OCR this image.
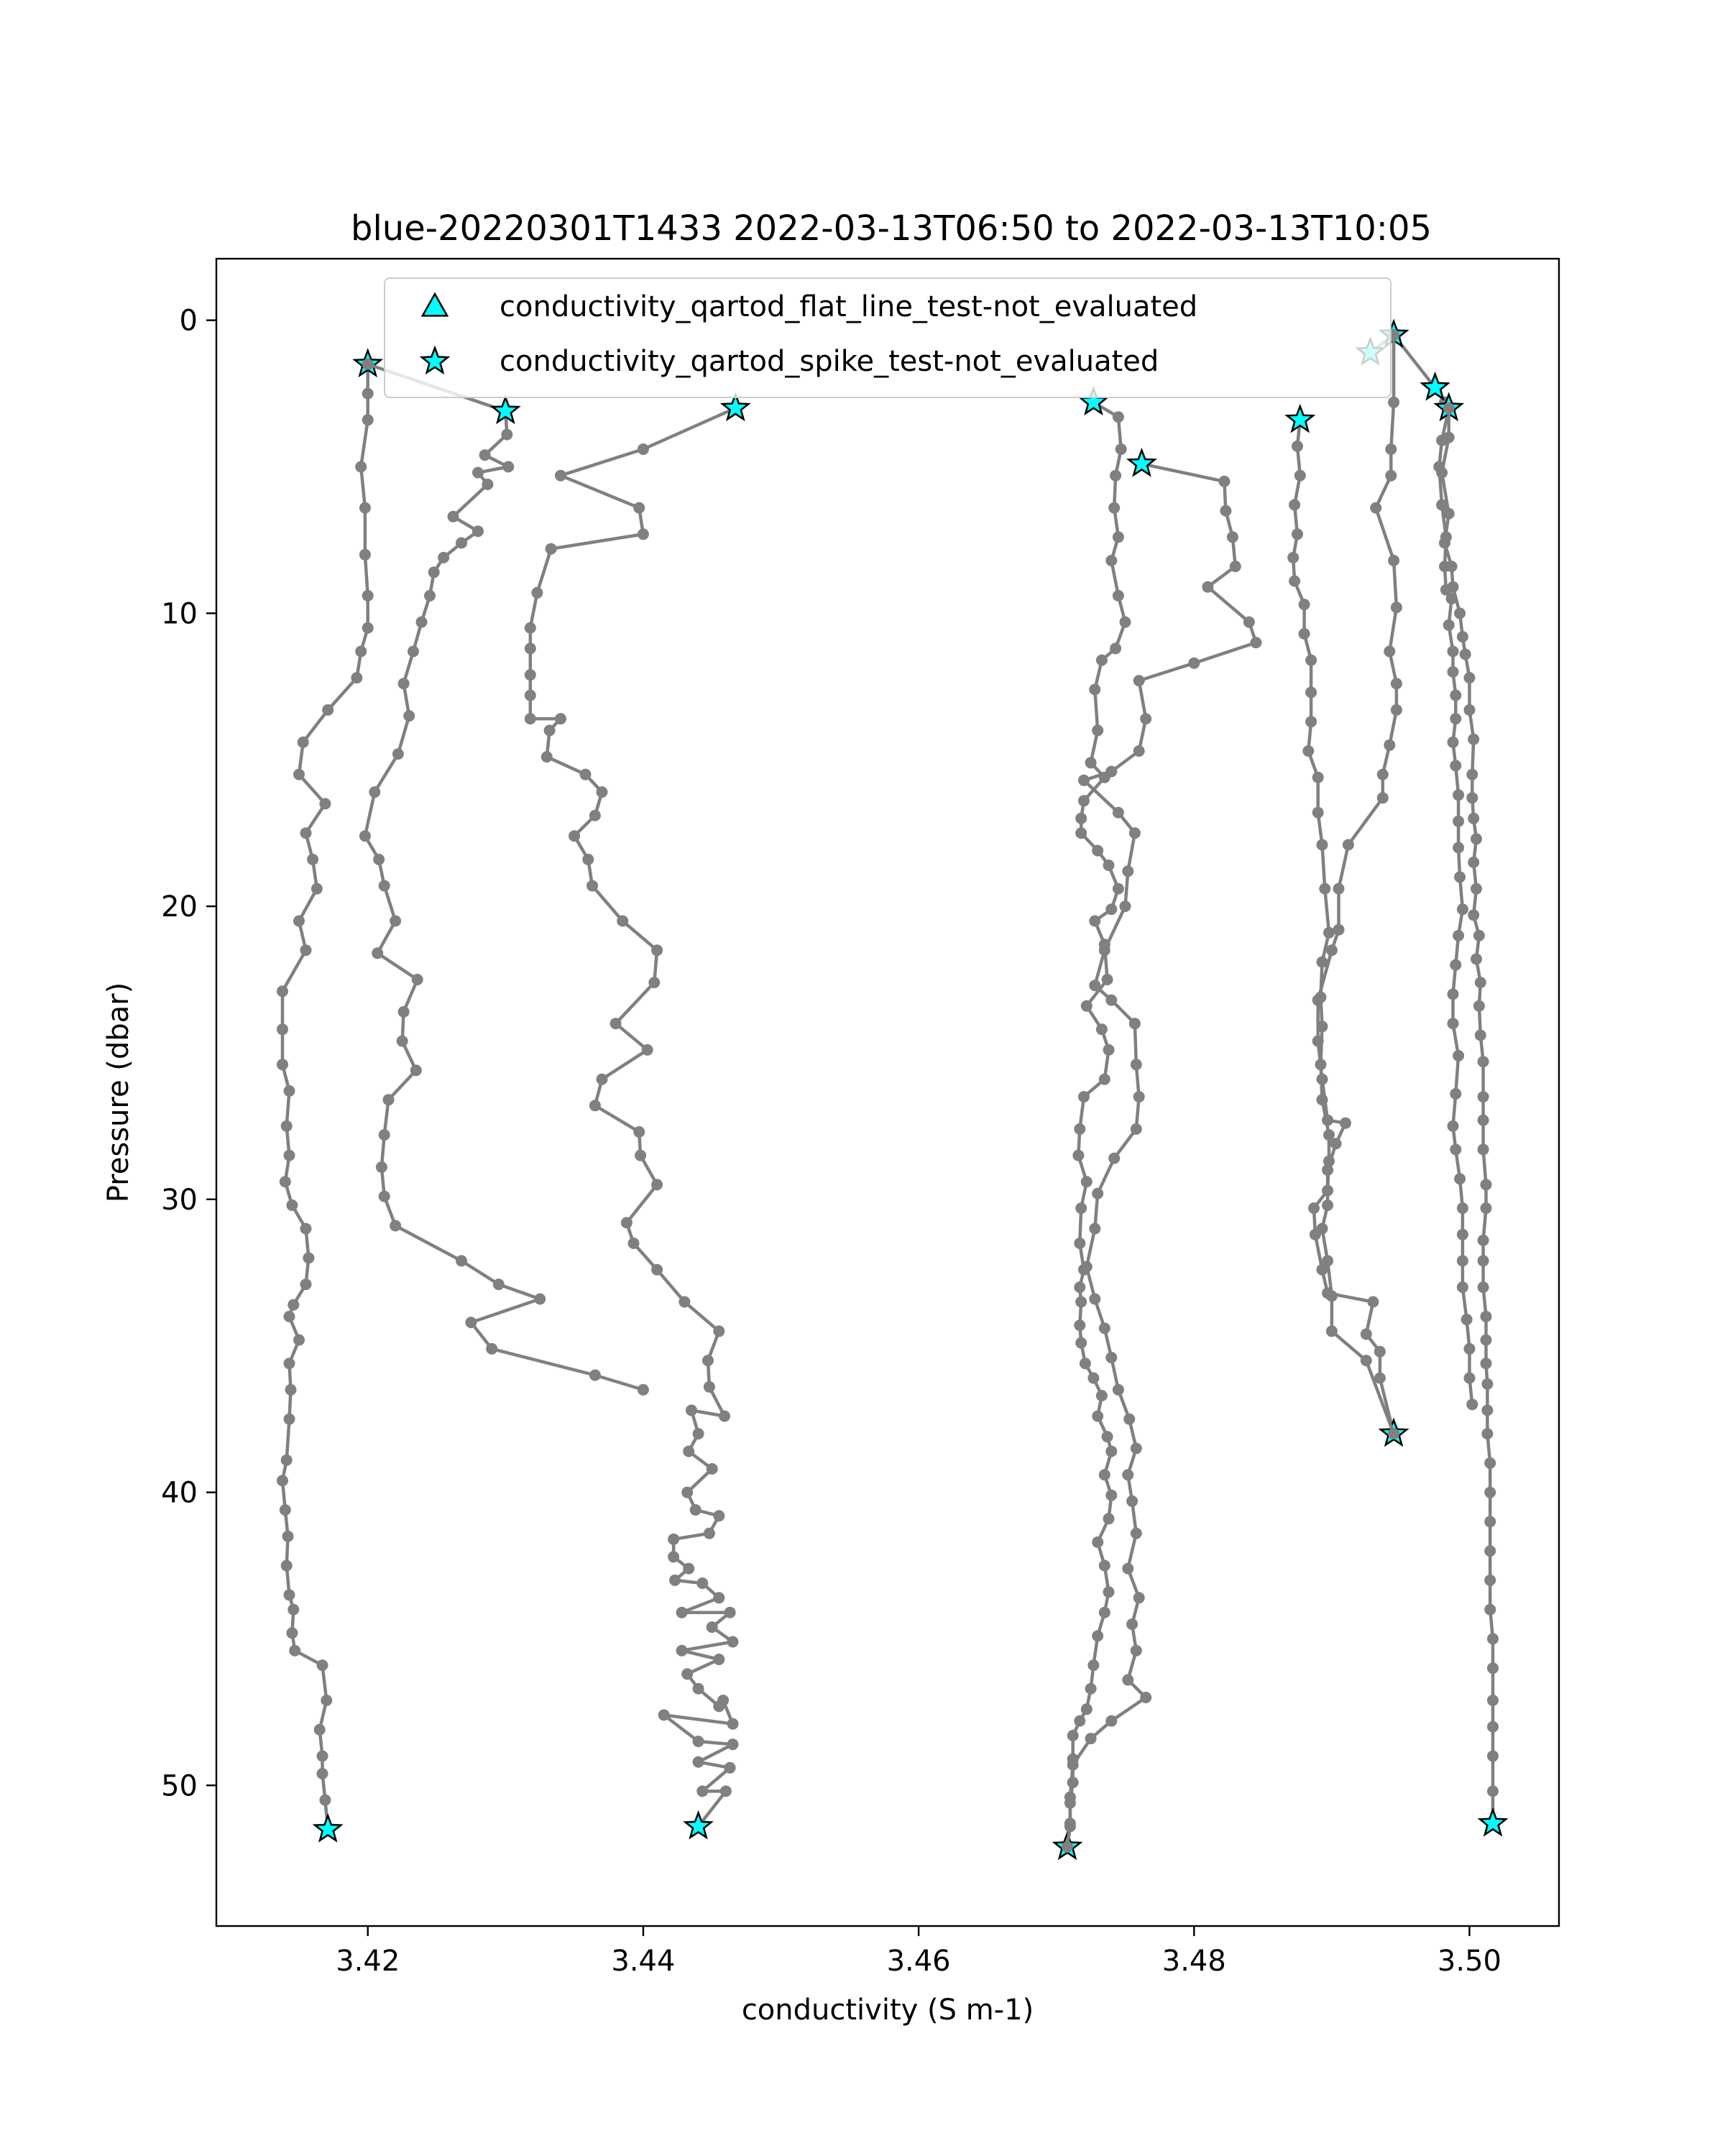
blue-20220301T1433 2022-03-13T06:50 to 2022-03-13T10:05
3.42	3.44	3.46	3.48	3.50
0
10
20
30
40
50
conductivity (S m-1)
Pressure (dbar)
conductivity_qartod_flat_line_test-not_evaluated
conductivity_qartod_spike_test-not_evaluated
